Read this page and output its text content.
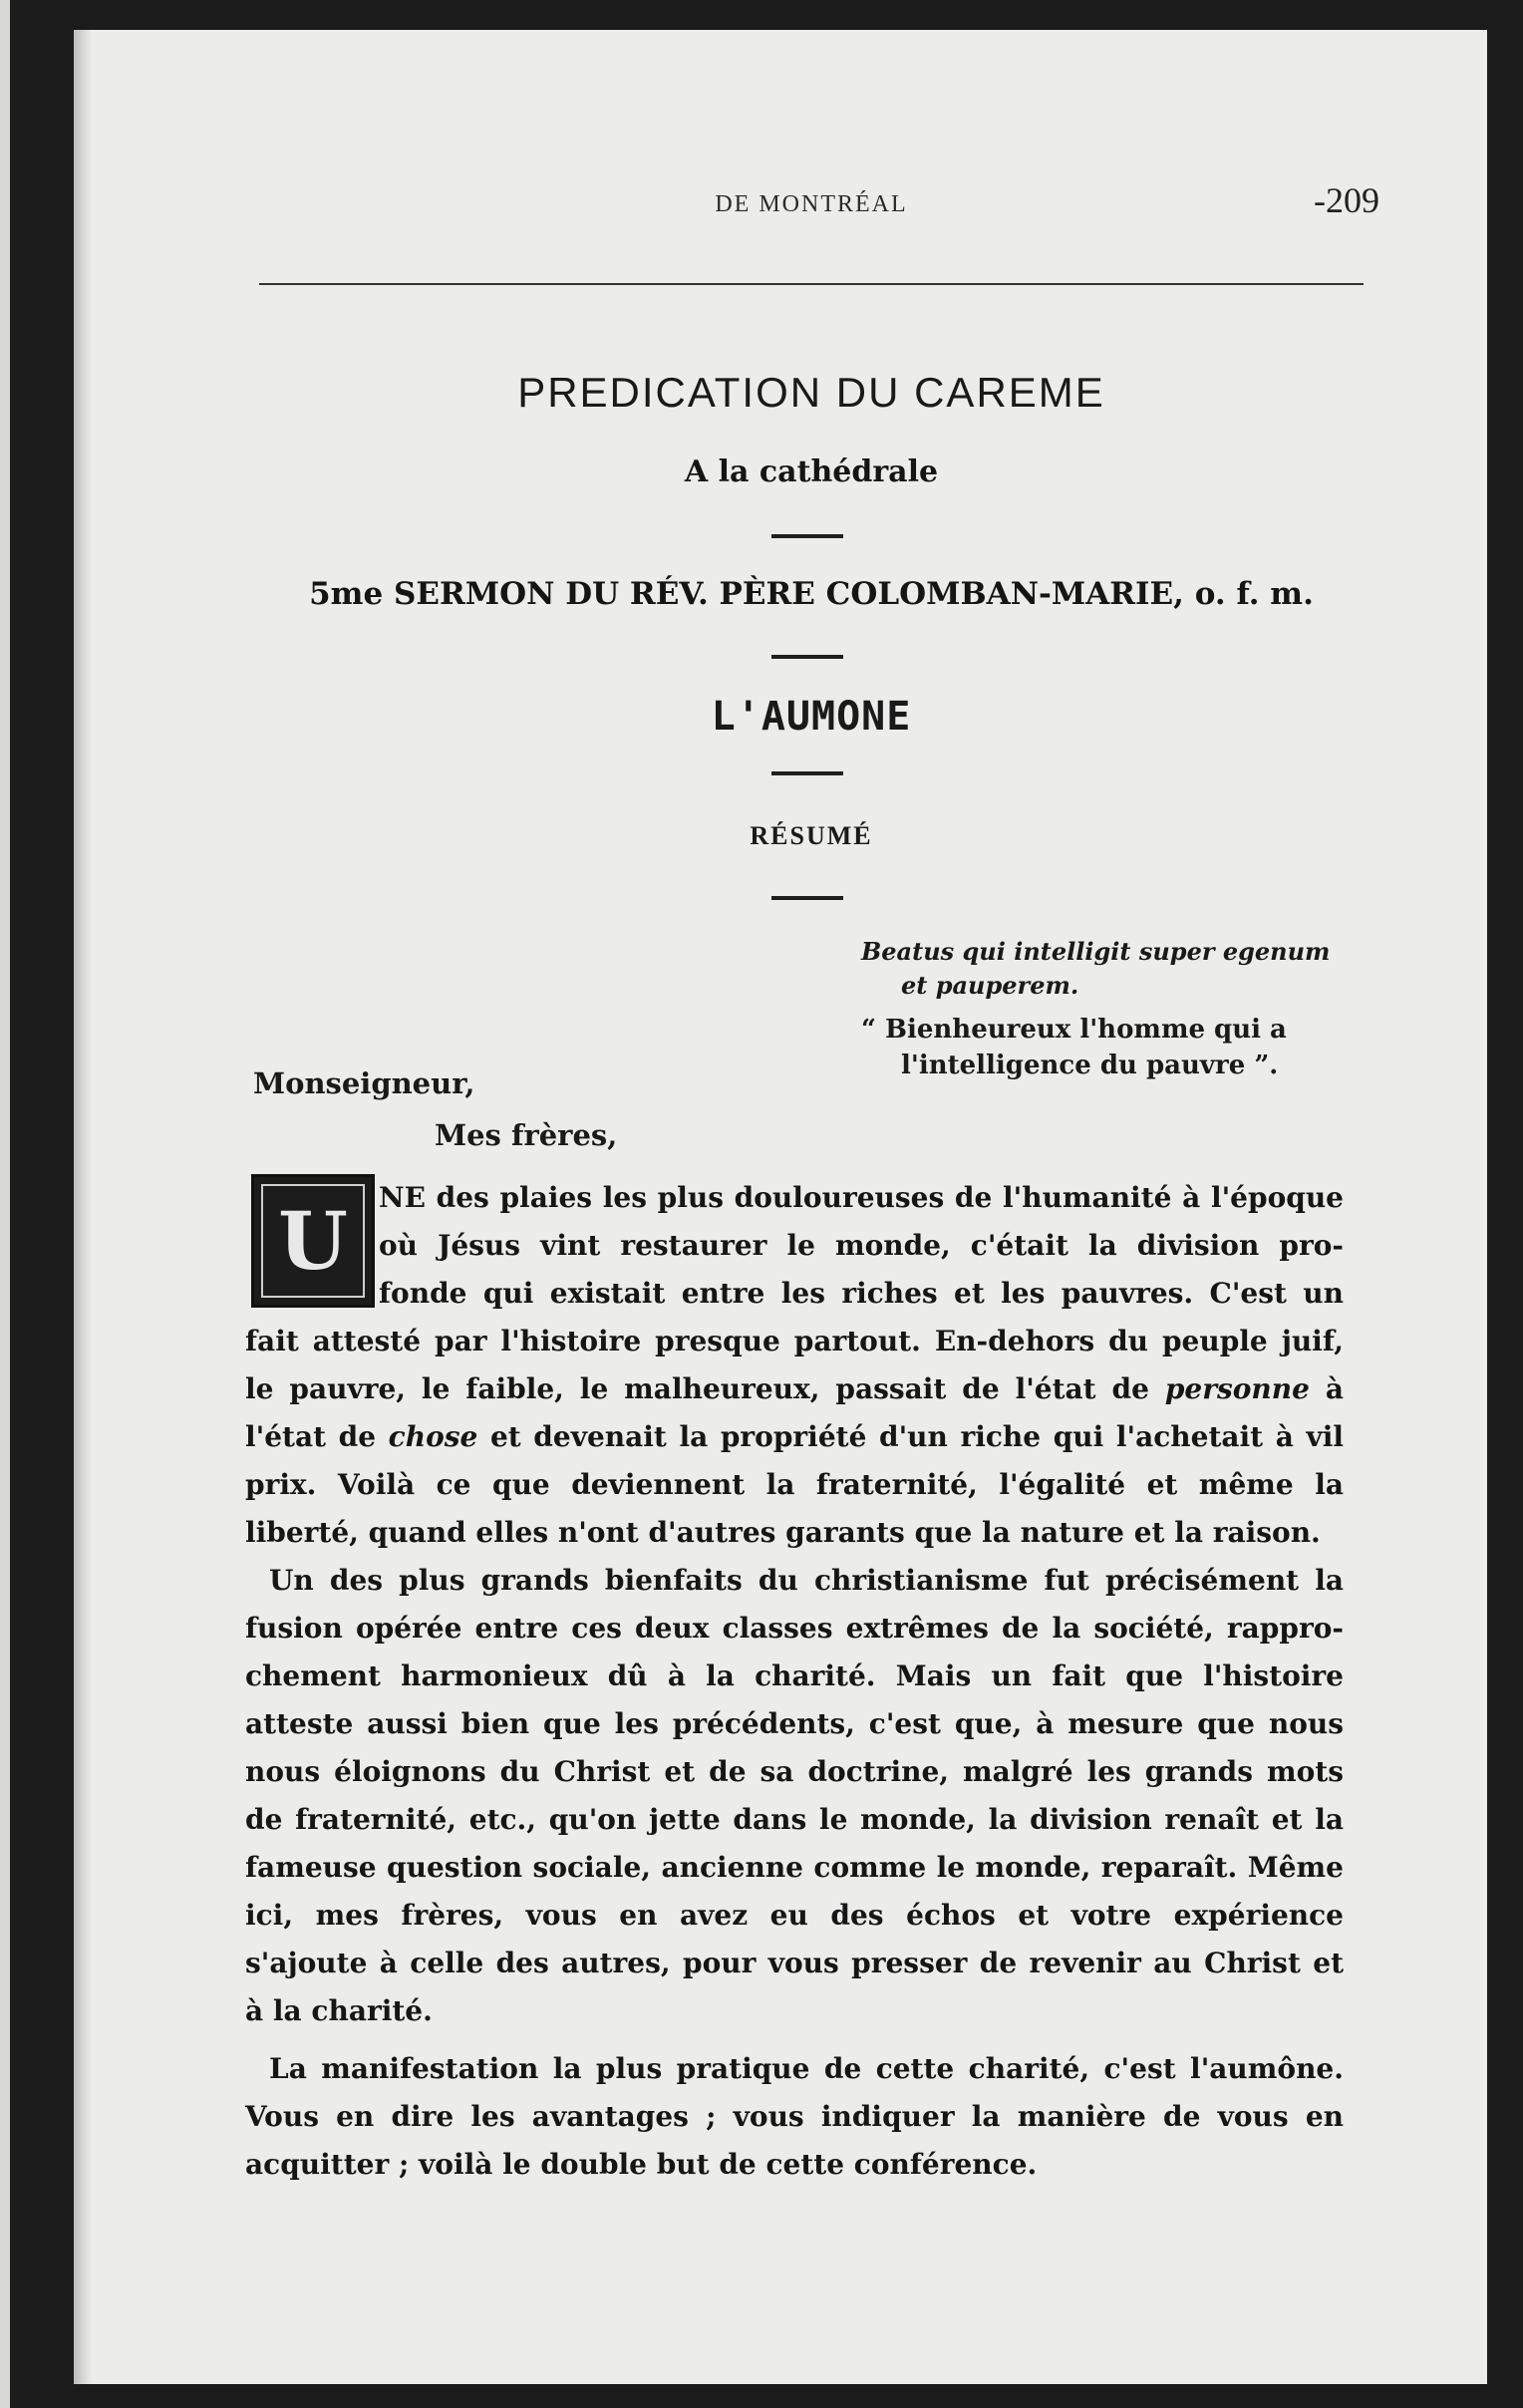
DE MONTRÉAL	-209
PREDICATION DU CAREME
A la cathédrale
5me SERMON DU RÉV. PÈRE COLOMBAN-MARIE, o. f. m.
L'AUMONE
RÉSUMÉ
Beatus qui intelligit super egenum
et pauperem.
“ Bienheureux l'homme qui a
l'intelligence du pauvre ”.
Monseigneur,
Mes frères,
U	NE des plaies les plus douloureuses de l'humanité à l'époque
où Jésus vint restaurer le monde, c'était la division pro-
fonde qui existait entre les riches et les pauvres. C'est un
fait attesté par l'histoire presque partout. En-dehors du peuple juif,
le pauvre, le faible, le malheureux, passait de l'état de personne à
l'état de chose et devenait la propriété d'un riche qui l'achetait à vil
prix. Voilà ce que deviennent la fraternité, l'égalité et même la
liberté, quand elles n'ont d'autres garants que la nature et la raison.
Un des plus grands bienfaits du christianisme fut précisément la
fusion opérée entre ces deux classes extrêmes de la société, rappro-
chement harmonieux dû à la charité. Mais un fait que l'histoire
atteste aussi bien que les précédents, c'est que, à mesure que nous
nous éloignons du Christ et de sa doctrine, malgré les grands mots
de fraternité, etc., qu'on jette dans le monde, la division renaît et la
fameuse question sociale, ancienne comme le monde, reparaît. Même
ici, mes frères, vous en avez eu des échos et votre expérience
s'ajoute à celle des autres, pour vous presser de revenir au Christ et
à la charité.
La manifestation la plus pratique de cette charité, c'est l'aumône.
Vous en dire les avantages ; vous indiquer la manière de vous en
acquitter ; voilà le double but de cette conférence.
